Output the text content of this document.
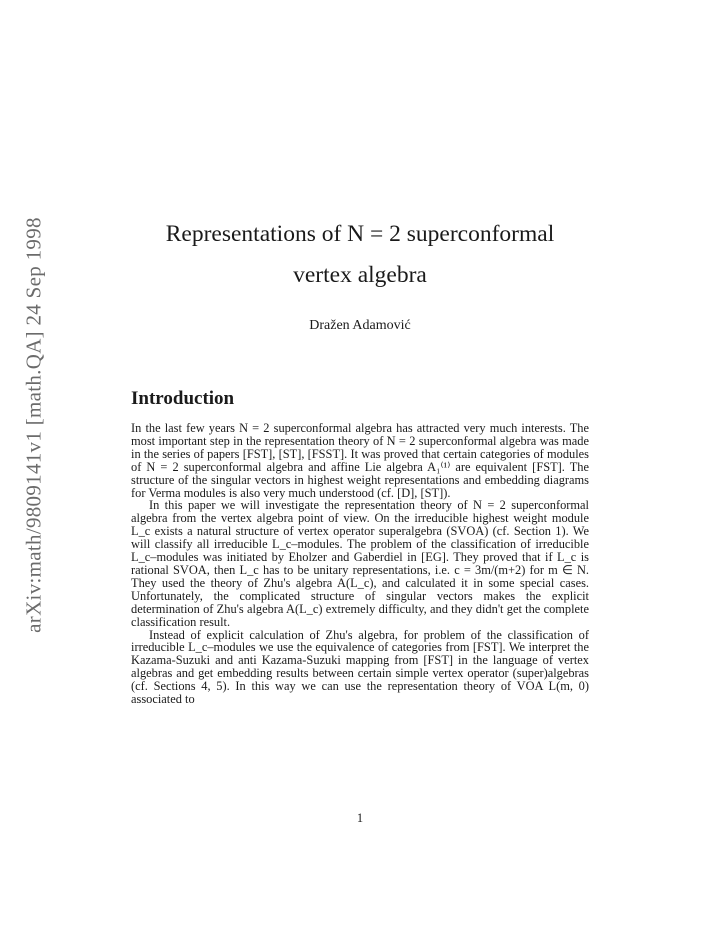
arXiv:math/9809141v1 [math.QA] 24 Sep 1998	Representations of N = 2 superconformal
vertex algebra
Dražen Adamović
Introduction

In the last few years N = 2 superconformal algebra has attracted very much interests. The most important step in the representation theory of N = 2 superconformal algebra was made in the series of papers [FST], [ST], [FSST]. It was proved that certain categories of modules of N = 2 superconformal algebra and affine Lie algebra A₁⁽¹⁾ are equivalent [FST]. The structure of the singular vectors in highest weight representations and embedding diagrams for Verma modules is also very much understood (cf. [D], [ST]).

In this paper we will investigate the representation theory of N = 2 superconformal algebra from the vertex algebra point of view. On the irreducible highest weight module L_c exists a natural structure of vertex operator superalgebra (SVOA) (cf. Section 1). We will classify all irreducible L_c–modules. The problem of the classification of irreducible L_c–modules was initiated by Eholzer and Gaberdiel in [EG]. They proved that if L_c is rational SVOA, then L_c has to be unitary representations, i.e. c = 3m/(m+2) for m ∈ N. They used the theory of Zhu's algebra A(L_c), and calculated it in some special cases. Unfortunately, the complicated structure of singular vectors makes the explicit determination of Zhu's algebra A(L_c) extremely difficulty, and they didn't get the complete classification result.

Instead of explicit calculation of Zhu's algebra, for problem of the classification of irreducible L_c–modules we use the equivalence of categories from [FST]. We interpret the Kazama-Suzuki and anti Kazama-Suzuki mapping from [FST] in the language of vertex algebras and get embedding results between certain simple vertex operator (super)algebras (cf. Sections 4, 5). In this way we can use the representation theory of VOA L(m, 0) associated to

1
